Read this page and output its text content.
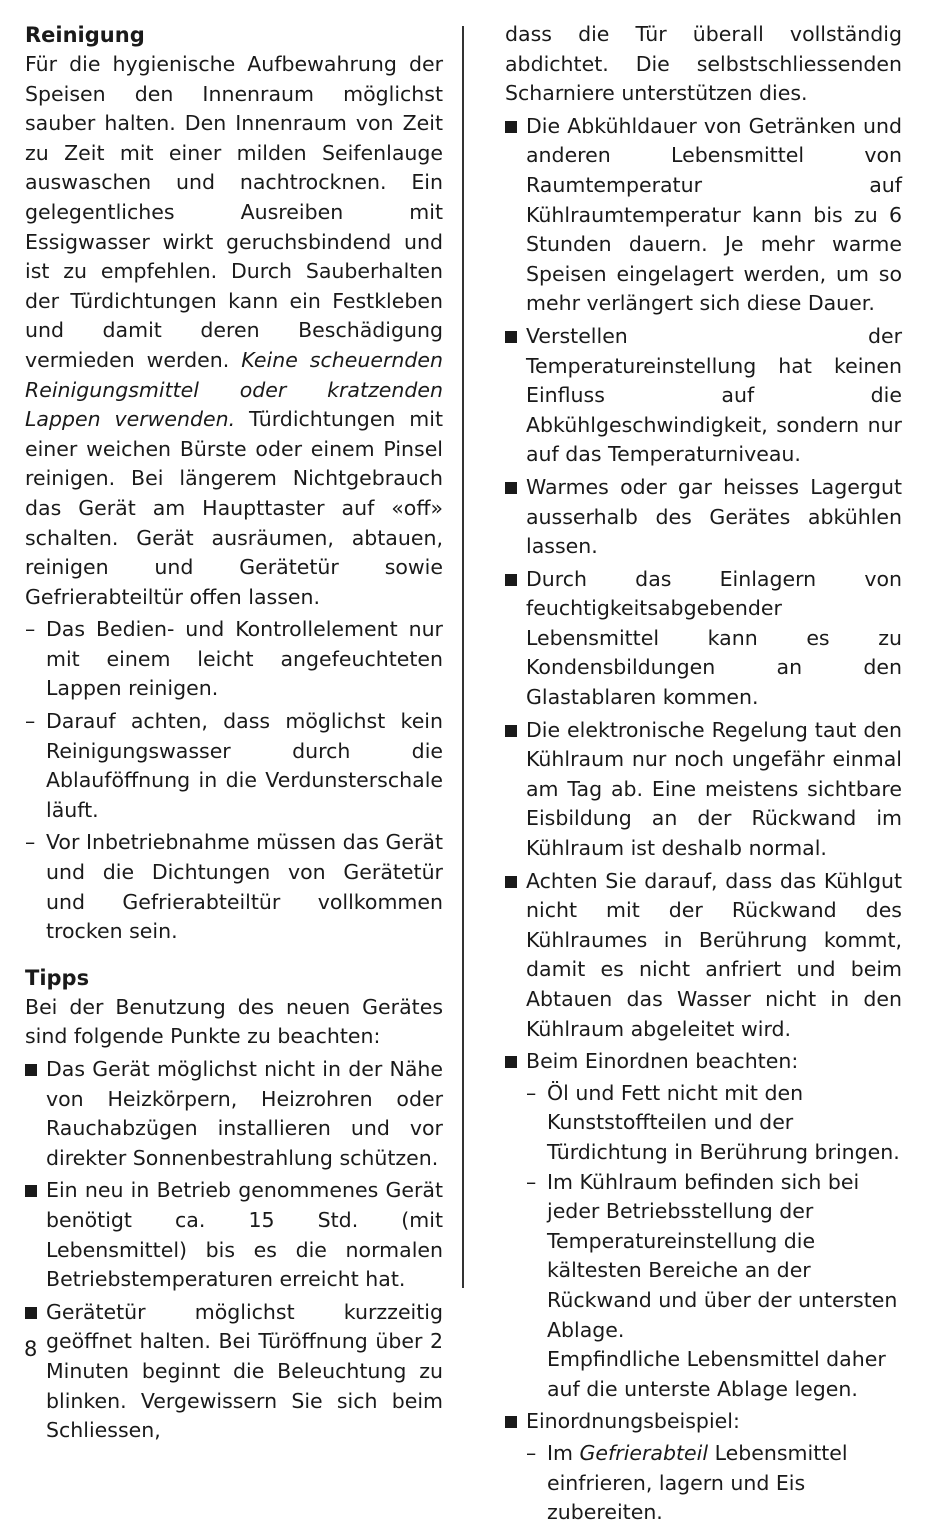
Reinigung

Für die hygienische Aufbewahrung der Speisen den Innenraum möglichst sauber halten. Den Innenraum von Zeit zu Zeit mit einer milden Seifenlauge auswaschen und nachtrocknen. Ein gelegentliches Ausreiben mit Essigwasser wirkt geruchsbindend und ist zu empfehlen. Durch Sauberhalten der Türdichtungen kann ein Festkleben und damit deren Beschädigung vermieden werden. Keine scheuernden Reinigungsmittel oder kratzenden Lappen verwenden. Türdichtungen mit einer weichen Bürste oder einem Pinsel reinigen. Bei längerem Nichtgebrauch das Gerät am Haupttaster auf «off» schalten. Gerät ausräumen, abtauen, reinigen und Gerätetür sowie Gefrierabteiltür offen lassen.

– Das Bedien- und Kontrollelement nur mit einem leicht angefeuchteten Lappen reinigen.
– Darauf achten, dass möglichst kein Reinigungswasser durch die Ablauföffnung in die Verdunsterschale läuft.
– Vor Inbetriebnahme müssen das Gerät und die Dichtungen von Gerätetür und Gefrierabteiltür vollkommen trocken sein.
Tipps

Bei der Benutzung des neuen Gerätes sind folgende Punkte zu beachten:

Das Gerät möglichst nicht in der Nähe von Heizkörpern, Heizrohren oder Rauchabzügen installieren und vor direkter Sonnenbestrahlung schützen.
Ein neu in Betrieb genommenes Gerät benötigt ca. 15 Std. (mit Lebensmittel) bis es die normalen Betriebstemperaturen erreicht hat.
Gerätetür möglichst kurzzeitig geöffnet halten. Bei Türöffnung über 2 Minuten beginnt die Beleuchtung zu blinken. Vergewissern Sie sich beim Schliessen,

dass die Tür überall vollständig abdichtet. Die selbstschliessenden Scharniere unterstützen dies.

Die Abkühldauer von Getränken und anderen Lebensmittel von Raumtemperatur auf Kühlraumtemperatur kann bis zu 6 Stunden dauern. Je mehr warme Speisen eingelagert werden, um so mehr verlängert sich diese Dauer.
Verstellen der Temperatureinstellung hat keinen Einfluss auf die Abkühlgeschwindigkeit, sondern nur auf das Temperaturniveau.
Warmes oder gar heisses Lagergut ausserhalb des Gerätes abkühlen lassen.
Durch das Einlagern von feuchtigkeitsabgebender Lebensmittel kann es zu Kondensbildungen an den Glastablaren kommen.
Die elektronische Regelung taut den Kühlraum nur noch ungefähr einmal am Tag ab. Eine meistens sichtbare Eisbildung an der Rückwand im Kühlraum ist deshalb normal.
Achten Sie darauf, dass das Kühlgut nicht mit der Rückwand des Kühlraumes in Berührung kommt, damit es nicht anfriert und beim Abtauen das Wasser nicht in den Kühlraum abgeleitet wird.
Beim Einordnen beachten:
– Öl und Fett nicht mit den Kunststoffteilen und der Türdichtung in Berührung bringen.
– Im Kühlraum befinden sich bei jeder Betriebsstellung der Temperatureinstellung die kältesten Bereiche an der Rückwand und über der untersten Ablage.
Empfindliche Lebensmittel daher auf die unterste Ablage legen.
Einordnungsbeispiel:
– Im Gefrierabteil Lebensmittel einfrieren, lagern und Eis zubereiten.
8
